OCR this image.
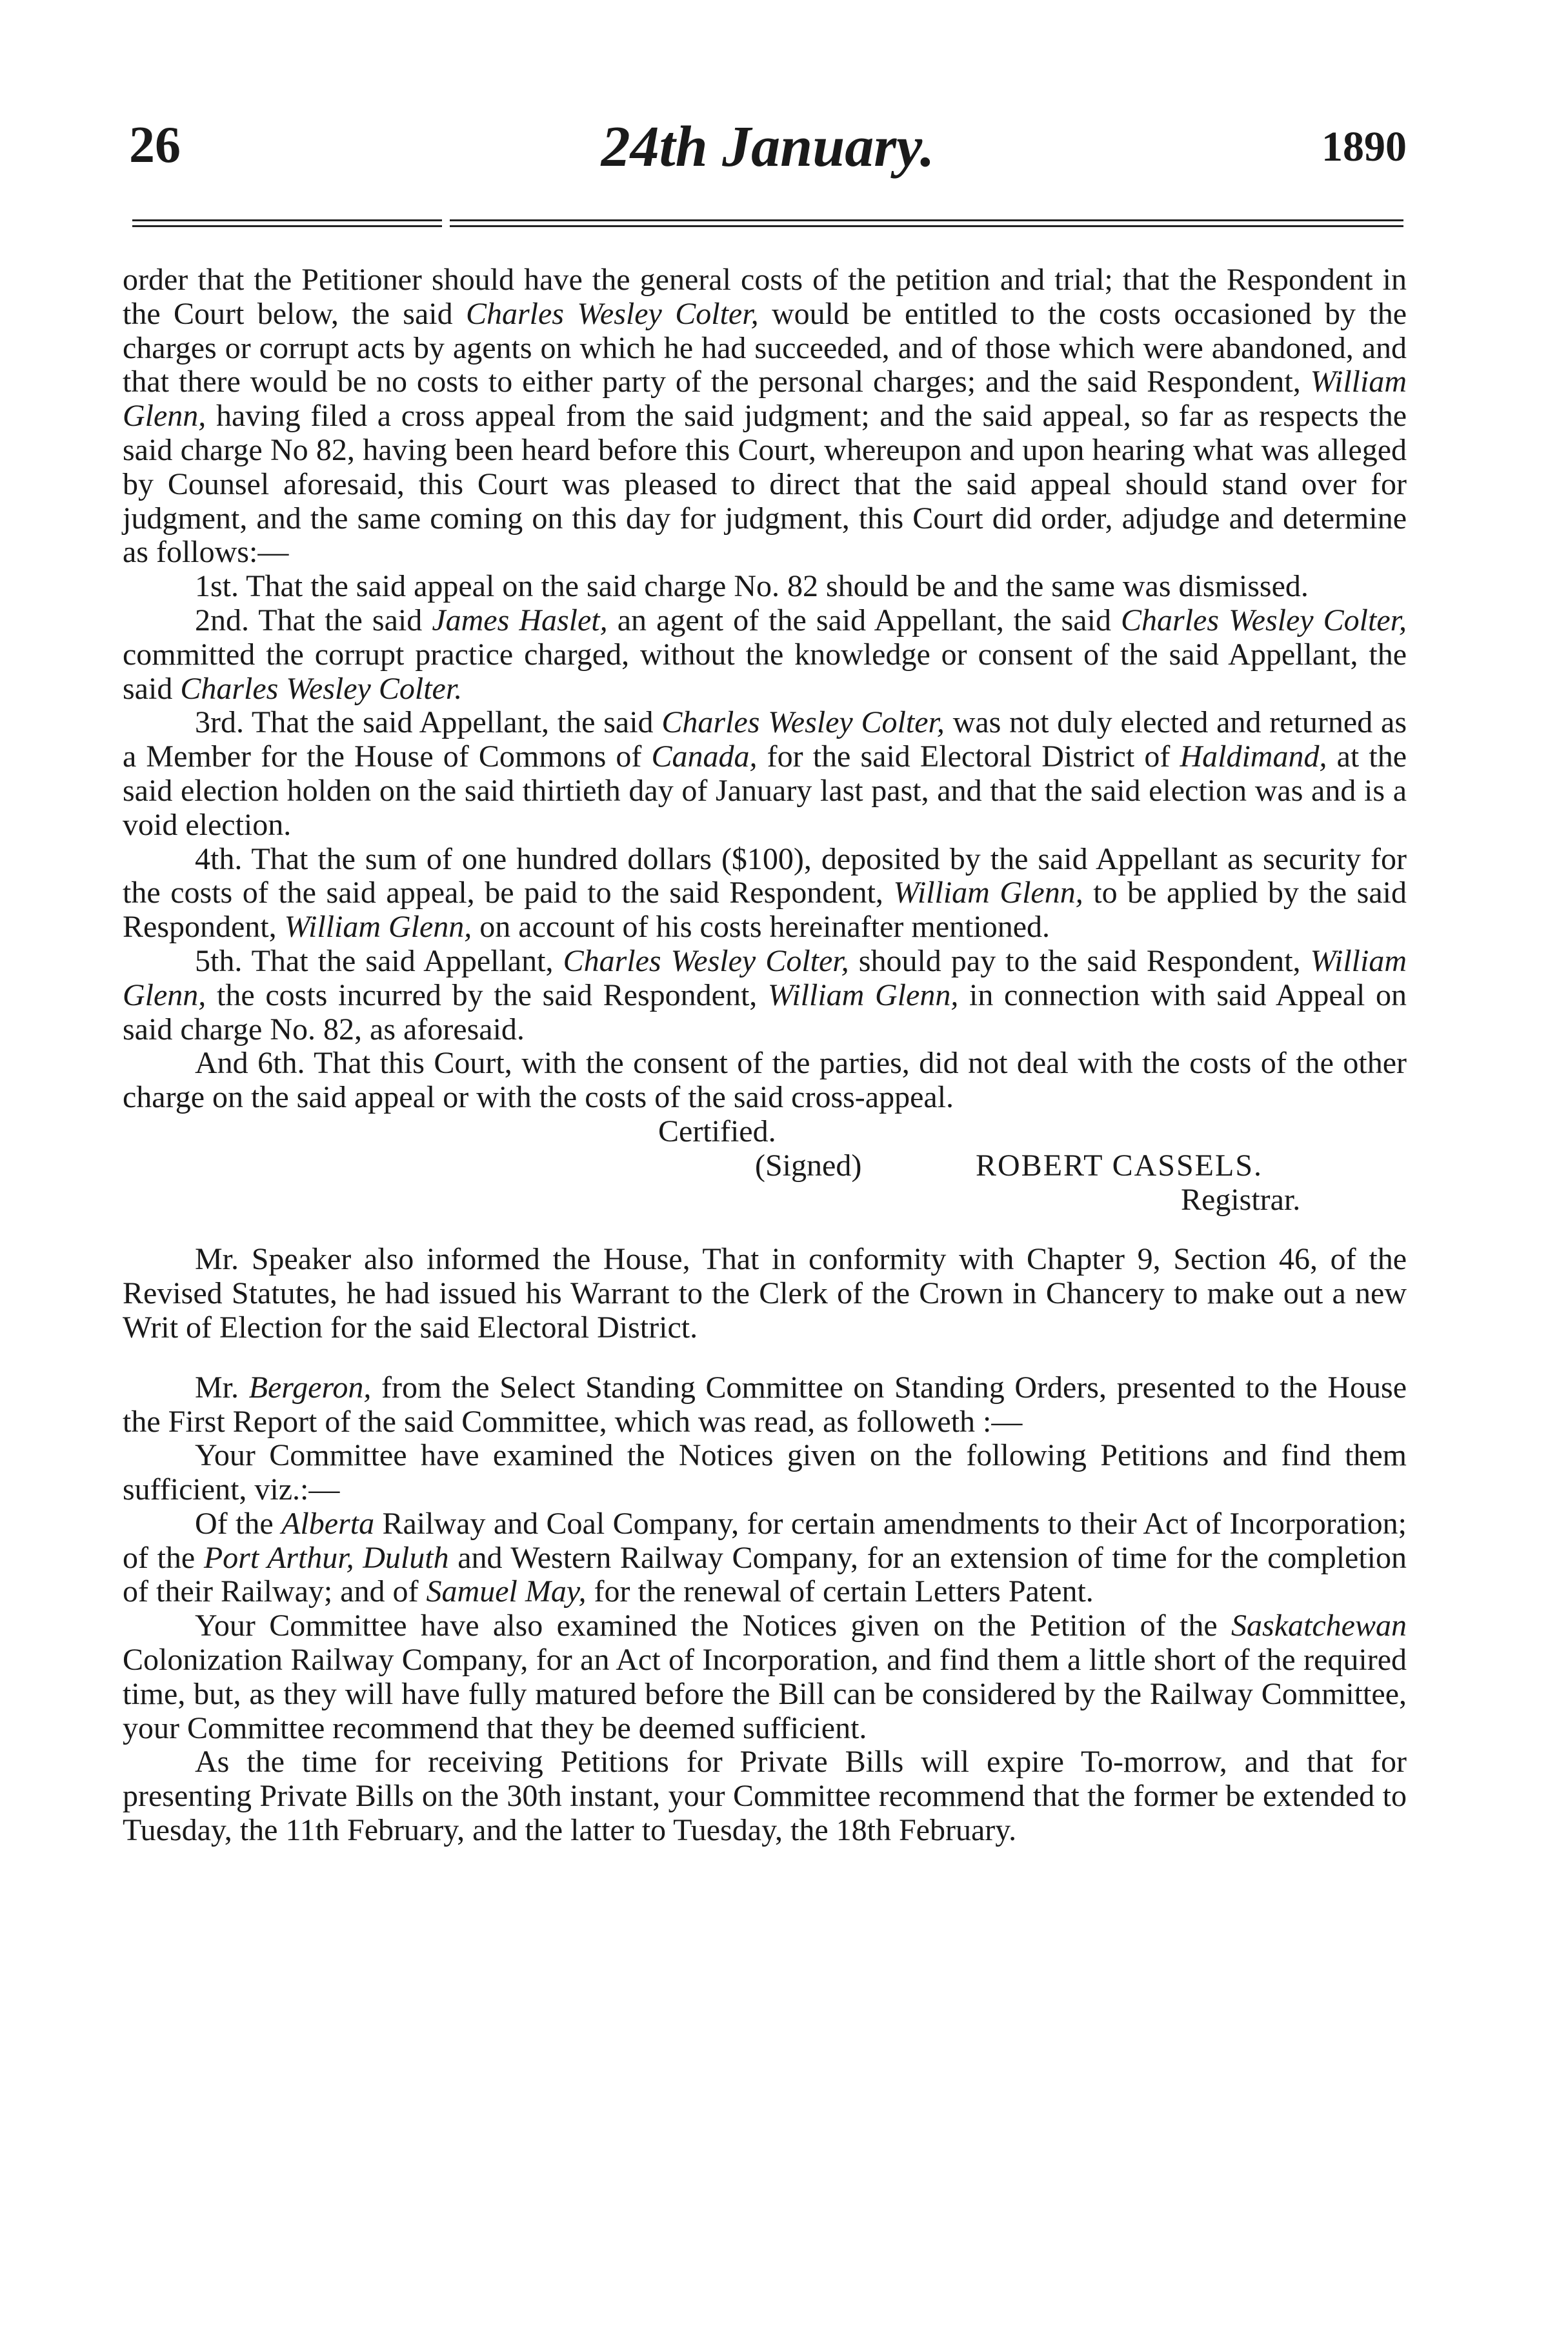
26	24th January.	1890

order that the Petitioner should have the general costs of the petition and trial; that the Respondent in the Court below, the said Charles Wesley Colter, would be entitled to the costs occasioned by the charges or corrupt acts by agents on which he had succeeded, and of those which were abandoned, and that there would be no costs to either party of the personal charges; and the said Respondent, William Glenn, having filed a cross appeal from the said judgment; and the said appeal, so far as respects the said charge No 82, having been heard before this Court, whereupon and upon hearing what was alleged by Counsel aforesaid, this Court was pleased to direct that the said appeal should stand over for judgment, and the same coming on this day for judgment, this Court did order, adjudge and determine as follows:—

1st. That the said appeal on the said charge No. 82 should be and the same was dismissed.

2nd. That the said James Haslet, an agent of the said Appellant, the said Charles Wesley Colter, committed the corrupt practice charged, without the knowledge or consent of the said Appellant, the said Charles Wesley Colter.

3rd. That the said Appellant, the said Charles Wesley Colter, was not duly elected and returned as a Member for the House of Commons of Canada, for the said Electoral District of Haldimand, at the said election holden on the said thirtieth day of January last past, and that the said election was and is a void election.

4th. That the sum of one hundred dollars ($100), deposited by the said Appellant as security for the costs of the said appeal, be paid to the said Respondent, William Glenn, to be applied by the said Respondent, William Glenn, on account of his costs hereinafter mentioned.

5th. That the said Appellant, Charles Wesley Colter, should pay to the said Respondent, William Glenn, the costs incurred by the said Respondent, William Glenn, in connection with said Appeal on said charge No. 82, as aforesaid.

And 6th. That this Court, with the consent of the parties, did not deal with the costs of the other charge on the said appeal or with the costs of the said cross-appeal.

Certified.
(Signed)	ROBERT CASSELS.
Registrar.

Mr. Speaker also informed the House, That in conformity with Chapter 9, Section 46, of the Revised Statutes, he had issued his Warrant to the Clerk of the Crown in Chancery to make out a new Writ of Election for the said Electoral District.

Mr. Bergeron, from the Select Standing Committee on Standing Orders, presented to the House the First Report of the said Committee, which was read, as followeth :—

Your Committee have examined the Notices given on the following Petitions and find them sufficient, viz.:—

Of the Alberta Railway and Coal Company, for certain amendments to their Act of Incorporation; of the Port Arthur, Duluth and Western Railway Company, for an extension of time for the completion of their Railway; and of Samuel May, for the renewal of certain Letters Patent.

Your Committee have also examined the Notices given on the Petition of the Saskatchewan Colonization Railway Company, for an Act of Incorporation, and find them a little short of the required time, but, as they will have fully matured before the Bill can be considered by the Railway Committee, your Committee recommend that they be deemed sufficient.

As the time for receiving Petitions for Private Bills will expire To-morrow, and that for presenting Private Bills on the 30th instant, your Committee recommend that the former be extended to Tuesday, the 11th February, and the latter to Tuesday, the 18th February.
